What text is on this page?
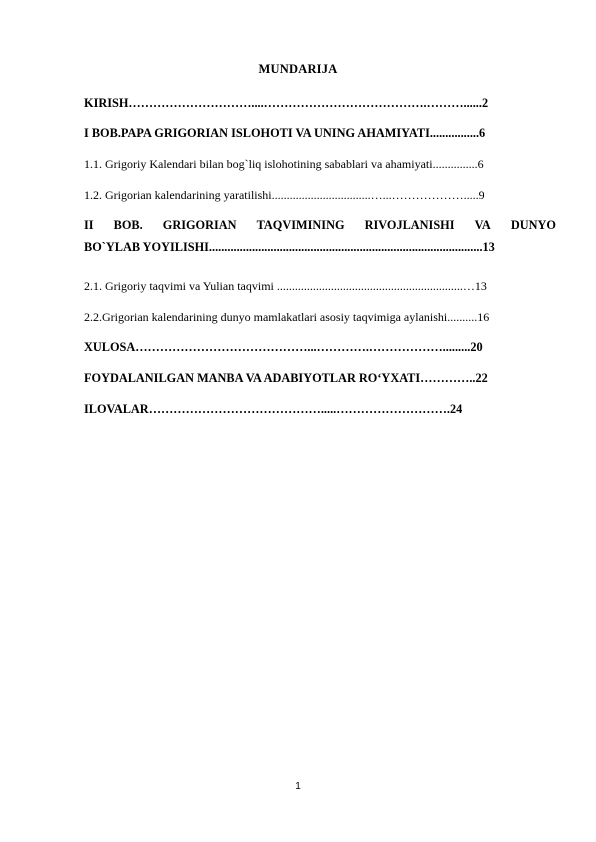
MUNDARIJA
KIRISH…………………………....………………………………….………......2
I BOB.PAPA GRIGORIAN ISLOHOTI VA UNING AHAMIYATI................6
1.1. Grigoriy Kalendari bilan bog`liq islohotining sabablari va ahamiyati...............6
1.2. Grigorian kalendarining yaratilishi.................................…...……………….....9
II BOB. GRIGORIAN TAQVIMINING RIVOJLANISHI VA DUNYO
BO`YLAB YOYILISHI.........................................................................................13
2.1. Grigoriy taqvimi va Yulian taqvimi ..............................................................…13
2.2.Grigorian kalendarining dunyo mamlakatlari asosiy taqvimiga aylanishi..........16
XULOSA……………………………………...………….……………….........20
FOYDALANILGAN MANBA VA ADABIYOTLAR RO‘YXATI…………..22
ILOVALAR…………………………………….....……………………….24
1
